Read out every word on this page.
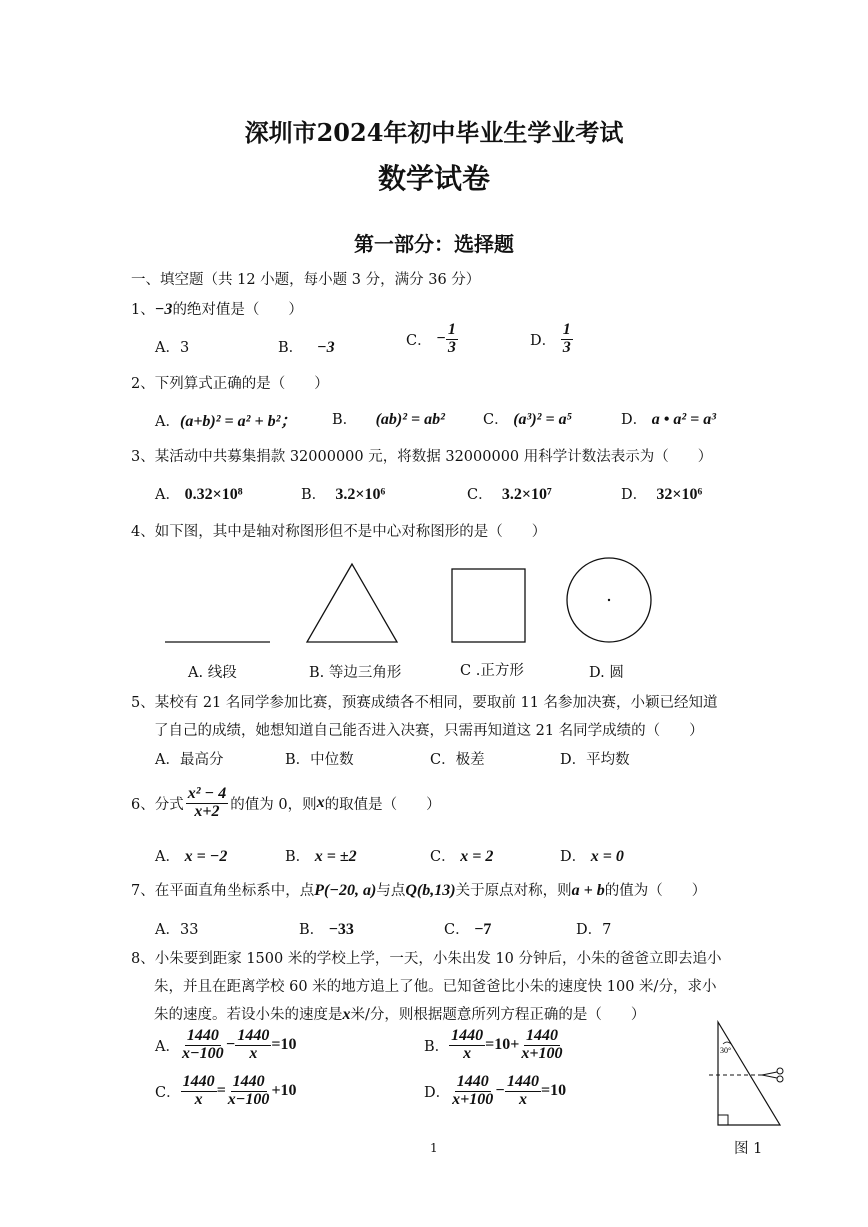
深圳市2024年初中毕业生学业考试
数学试卷
第一部分：选择题
一、填空题（共 12 小题，每小题 3 分，满分 36 分）
1、−3的绝对值是（　　）
A．3	B． −3	C．
− $\frac{1}{3}$	D．
$\frac{1}{3}$
2、下列算式正确的是（　　）
A．(a+b)² = a² + b²； B． (ab)² = ab²	C． (a³)² = a⁵	D． a • a² = a³
3、某活动中共募集捐款 32000000 元，将数据 32000000 用科学计数法表示为（　　）
A． 0.32×10⁸	B． 3.2×10⁶	C． 3.2×10⁷	D． 32×10⁶
4、如下图，其中是轴对称图形但不是中心对称图形的是（　　）
A. 线段	B. 等边三角形	C .正方形	D. 圆
5、某校有 21 名同学参加比赛，预赛成绩各不相同，要取前 11 名参加决赛，小颖已经知道
了自己的成绩，她想知道自己能否进入决赛，只需再知道这 21 名同学成绩的（　　）
A．最高分	B．中位数	C．极差	D．平均数
6、分式 $\frac{\text{x² − 4}}{x+2}$ 的值为 0，则 x 的取值是（　　）
A． x = −2	B． x = ±2	C． x = 2	D． x = 0
7、在平面直角坐标系中，点P(−20, a)与点Q(b,13)关于原点对称，则a + b的值为（　　）
A．33	B． −33	C． −7	D．7
8、小朱要到距家 1500 米的学校上学，一天，小朱出发 10 分钟后，小朱的爸爸立即去追小
朱，并且在距离学校 60 米的地方追上了他。已知爸爸比小朱的速度快 100 米/分，求小
朱的速度。若设小朱的速度是x米/分，则根据题意所列方程正确的是（　　）
A． $\frac{1440}{x-100} - \frac{1440}{x} =10$	B． $\frac{1440}{x} =10+ \frac{1440}{x+100}$
C． $\frac{1440}{x} = \frac{1440}{x-100} +10$	D． $\frac{1440}{x+100} - \frac{1440}{x} =10$
30°
图 1
1
